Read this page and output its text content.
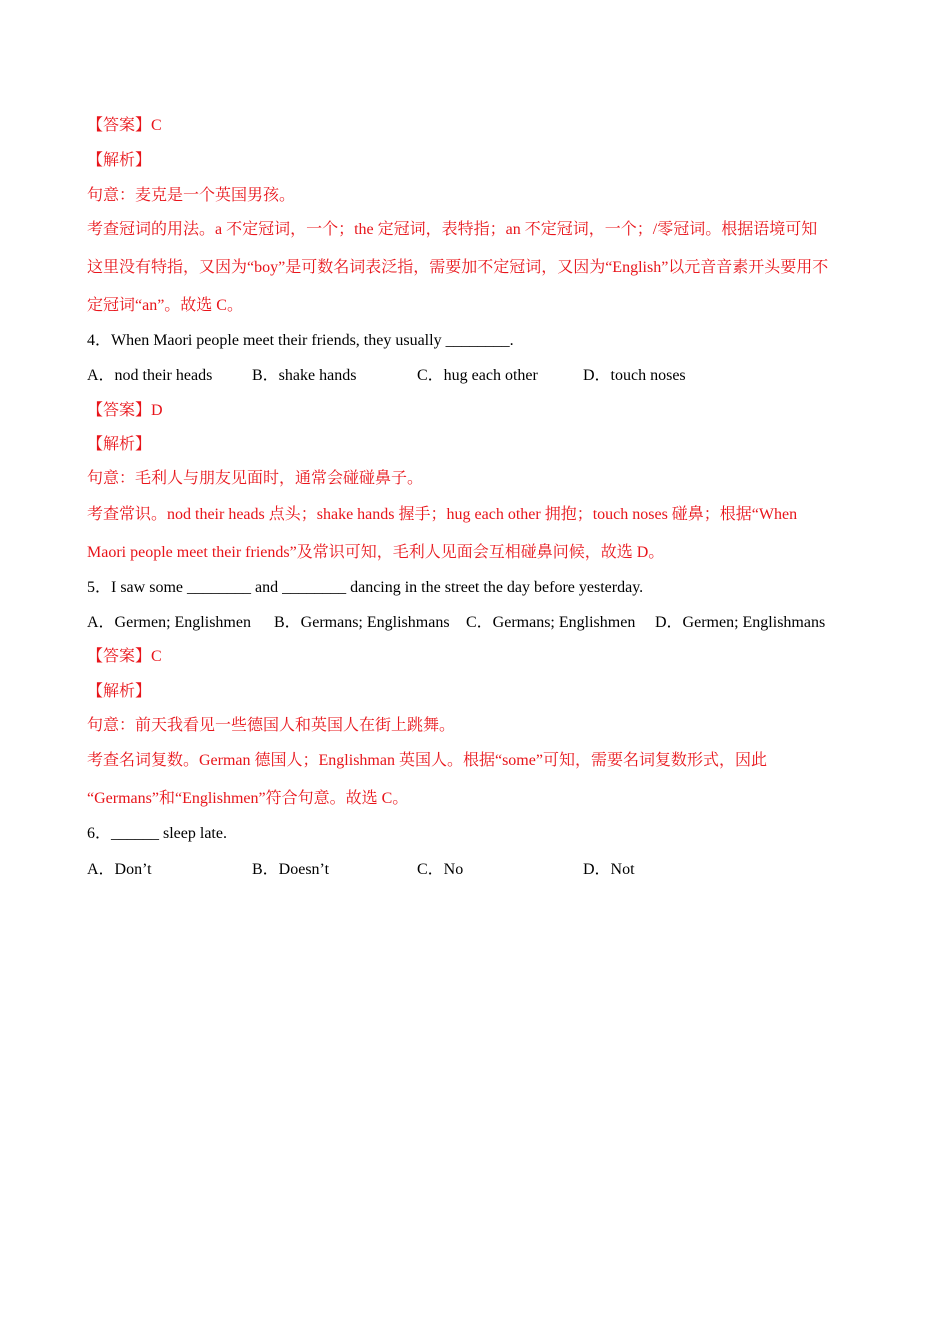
【答案】C
【解析】
句意：麦克是一个英国男孩。
考查冠词的用法。a 不定冠词，一个；the 定冠词，表特指；an 不定冠词，一个；/零冠词。根据语境可知
这里没有特指，又因为“boy”是可数名词表泛指，需要加不定冠词，又因为“English”以元音音素开头要用不
定冠词“an”。故选 C。
4．When Maori people meet their friends, they usually ________.
A．nod their heads B．shake hands	C．hug each other	D．touch noses
【答案】D
【解析】
句意：毛利人与朋友见面时，通常会碰碰鼻子。
考查常识。nod their heads 点头；shake hands 握手；hug each other 拥抱；touch noses 碰鼻；根据“When
Maori people meet their friends”及常识可知，毛利人见面会互相碰鼻问候，故选 D。
5．I saw some ________ and ________ dancing in the street the day before yesterday.
A．Germen; Englishmen B．Germans; Englishmans C．Germans; Englishmen D．Germen; Englishmans
【答案】C
【解析】
句意：前天我看见一些德国人和英国人在街上跳舞。
考查名词复数。German 德国人；Englishman 英国人。根据“some”可知，需要名词复数形式，因此
“Germans”和“Englishmen”符合句意。故选 C。
6．______ sleep late.
A．Don’t	B．Doesn’t	C．No	D．Not
